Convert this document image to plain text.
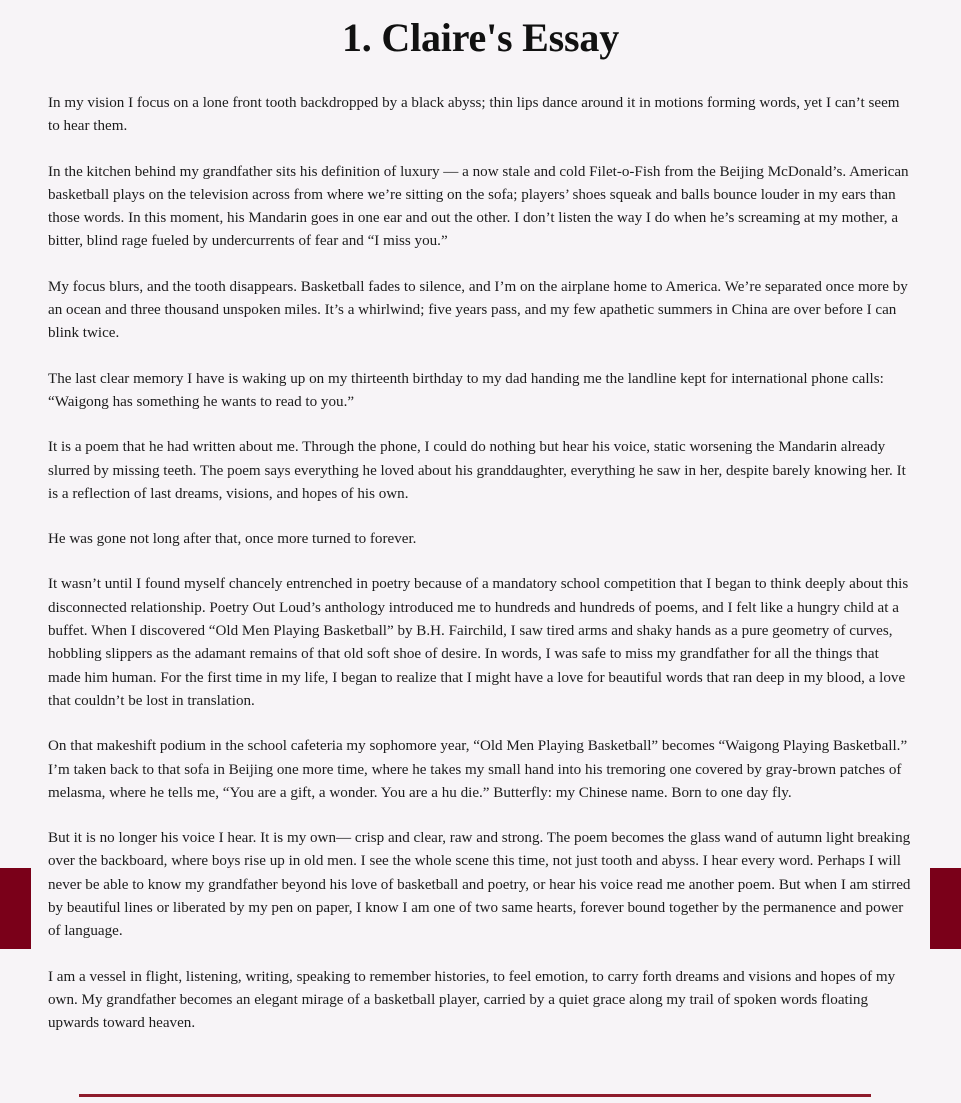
1. Claire's Essay

In my vision I focus on a lone front tooth backdropped by a black abyss; thin lips dance around it in motions forming words, yet I can’t seem to hear them.

In the kitchen behind my grandfather sits his definition of luxury — a now stale and cold Filet-o-Fish from the Beijing McDonald’s. American basketball plays on the television across from where we’re sitting on the sofa; players’ shoes squeak and balls bounce louder in my ears than those words. In this moment, his Mandarin goes in one ear and out the other. I don’t listen the way I do when he’s screaming at my mother, a bitter, blind rage fueled by undercurrents of fear and “I miss you.”

My focus blurs, and the tooth disappears. Basketball fades to silence, and I’m on the airplane home to America. We’re separated once more by an ocean and three thousand unspoken miles. It’s a whirlwind; five years pass, and my few apathetic summers in China are over before I can blink twice.

The last clear memory I have is waking up on my thirteenth birthday to my dad handing me the landline kept for international phone calls: “Waigong has something he wants to read to you.”

It is a poem that he had written about me. Through the phone, I could do nothing but hear his voice, static worsening the Mandarin already slurred by missing teeth. The poem says everything he loved about his granddaughter, everything he saw in her, despite barely knowing her. It is a reflection of last dreams, visions, and hopes of his own.

He was gone not long after that, once more turned to forever.

It wasn’t until I found myself chancely entrenched in poetry because of a mandatory school competition that I began to think deeply about this disconnected relationship. Poetry Out Loud’s anthology introduced me to hundreds and hundreds of poems, and I felt like a hungry child at a buffet. When I discovered “Old Men Playing Basketball” by B.H. Fairchild, I saw tired arms and shaky hands as a pure geometry of curves, hobbling slippers as the adamant remains of that old soft shoe of desire. In words, I was safe to miss my grandfather for all the things that made him human. For the first time in my life, I began to realize that I might have a love for beautiful words that ran deep in my blood, a love that couldn’t be lost in translation.

On that makeshift podium in the school cafeteria my sophomore year, “Old Men Playing Basketball” becomes “Waigong Playing Basketball.” I’m taken back to that sofa in Beijing one more time, where he takes my small hand into his tremoring one covered by gray-brown patches of melasma, where he tells me, “You are a gift, a wonder. You are a hu die.” Butterfly: my Chinese name. Born to one day fly.

But it is no longer his voice I hear. It is my own— crisp and clear, raw and strong. The poem becomes the glass wand of autumn light breaking over the backboard, where boys rise up in old men. I see the whole scene this time, not just tooth and abyss. I hear every word. Perhaps I will never be able to know my grandfather beyond his love of basketball and poetry, or hear his voice read me another poem. But when I am stirred by beautiful lines or liberated by my pen on paper, I know I am one of two same hearts, forever bound together by the permanence and power of language.

I am a vessel in flight, listening, writing, speaking to remember histories, to feel emotion, to carry forth dreams and visions and hopes of my own. My grandfather becomes an elegant mirage of a basketball player, carried by a quiet grace along my trail of spoken words floating upwards toward heaven.
